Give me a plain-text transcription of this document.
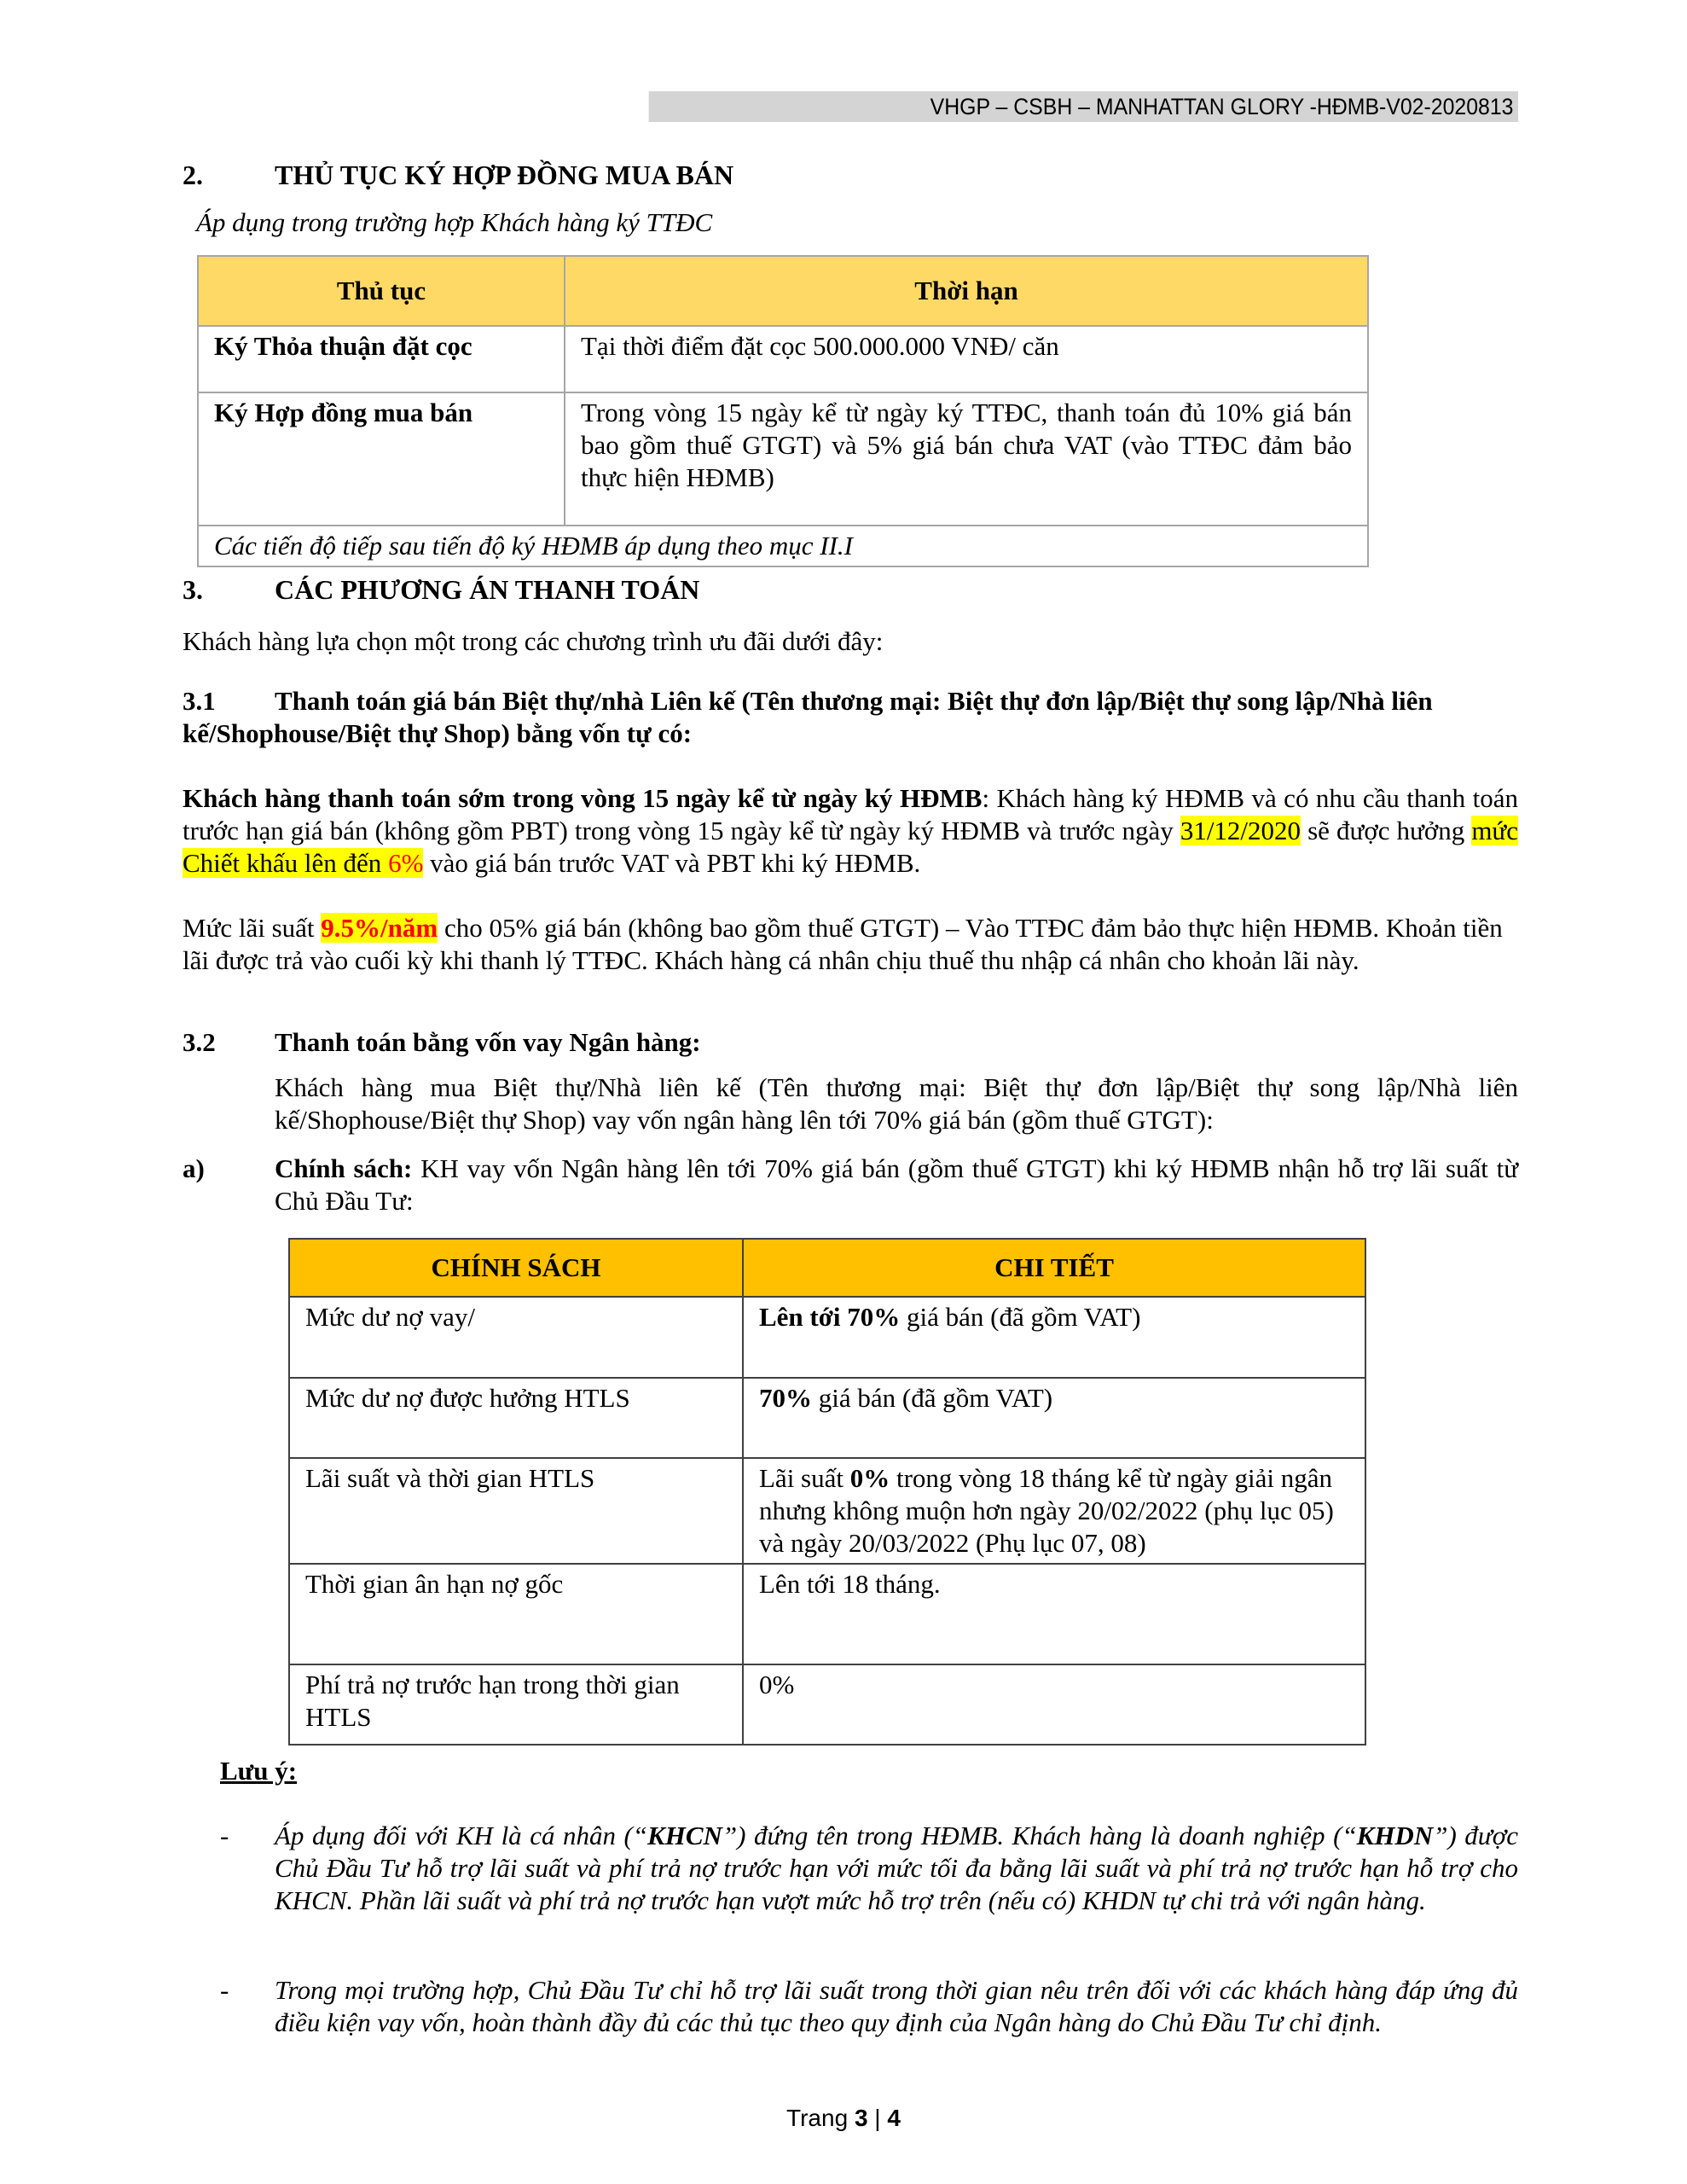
VHGP – CSBH – MANHATTAN GLORY -HĐMB-V02-2020813
2.	THỦ TỤC KÝ HỢP ĐỒNG MUA BÁN
Áp dụng trong trường hợp Khách hàng ký TTĐC
Thủ tục	Thời hạn
Ký Thỏa thuận đặt cọc	Tại thời điểm đặt cọc 500.000.000 VNĐ/ căn
Ký Hợp đồng mua bán	Trong vòng 15 ngày kể từ ngày ký TTĐC, thanh toán đủ 10% giá bán bao gồm thuế GTGT) và 5% giá bán chưa VAT (vào TTĐC đảm bảo thực hiện HĐMB)
Các tiến độ tiếp sau tiến độ ký HĐMB áp dụng theo mục II.I	
3.	CÁC PHƯƠNG ÁN THANH TOÁN
Khách hàng lựa chọn một trong các chương trình ưu đãi dưới đây:
3.1 Thanh toán giá bán Biệt thự/nhà Liên kế (Tên thương mại: Biệt thự đơn lập/Biệt thự song lập/Nhà liên kế/Shophouse/Biệt thự Shop) bằng vốn tự có:
Khách hàng thanh toán sớm trong vòng 15 ngày kể từ ngày ký HĐMB: Khách hàng ký HĐMB và có nhu cầu thanh toán trước hạn giá bán (không gồm PBT) trong vòng 15 ngày kể từ ngày ký HĐMB và trước ngày 31/12/2020 sẽ được hưởng mức Chiết khấu lên đến 6% vào giá bán trước VAT và PBT khi ký HĐMB.
Mức lãi suất 9.5%/năm cho 05% giá bán (không bao gồm thuế GTGT) – Vào TTĐC đảm bảo thực hiện HĐMB. Khoản tiền lãi được trả vào cuối kỳ khi thanh lý TTĐC. Khách hàng cá nhân chịu thuế thu nhập cá nhân cho khoản lãi này.
3.2 Thanh toán bằng vốn vay Ngân hàng:
Khách hàng mua Biệt thự/Nhà liên kế (Tên thương mại: Biệt thự đơn lập/Biệt thự song lập/Nhà liên kế/Shophouse/Biệt thự Shop) vay vốn ngân hàng lên tới 70% giá bán (gồm thuế GTGT):
a)	Chính sách: KH vay vốn Ngân hàng lên tới 70% giá bán (gồm thuế GTGT) khi ký HĐMB nhận hỗ trợ lãi suất từ Chủ Đầu Tư:
CHÍNH SÁCH	CHI TIẾT
Mức dư nợ vay/	Lên tới 70% giá bán (đã gồm VAT)
Mức dư nợ được hưởng HTLS	70% giá bán (đã gồm VAT)
Lãi suất và thời gian HTLS	Lãi suất 0% trong vòng 18 tháng kể từ ngày giải ngân nhưng không muộn hơn ngày 20/02/2022 (phụ lục 05) và ngày 20/03/2022 (Phụ lục 07, 08)
Thời gian ân hạn nợ gốc	Lên tới 18 tháng.
Phí trả nợ trước hạn trong thời gian HTLS	0%
Lưu ý:
- Áp dụng đối với KH là cá nhân (“KHCN”) đứng tên trong HĐMB. Khách hàng là doanh nghiệp (“KHDN”) được Chủ Đầu Tư hỗ trợ lãi suất và phí trả nợ trước hạn với mức tối đa bằng lãi suất và phí trả nợ trước hạn hỗ trợ cho KHCN. Phần lãi suất và phí trả nợ trước hạn vượt mức hỗ trợ trên (nếu có) KHDN tự chi trả với ngân hàng.
- Trong mọi trường hợp, Chủ Đầu Tư chỉ hỗ trợ lãi suất trong thời gian nêu trên đối với các khách hàng đáp ứng đủ điều kiện vay vốn, hoàn thành đầy đủ các thủ tục theo quy định của Ngân hàng do Chủ Đầu Tư chỉ định.
Trang 3 | 4
